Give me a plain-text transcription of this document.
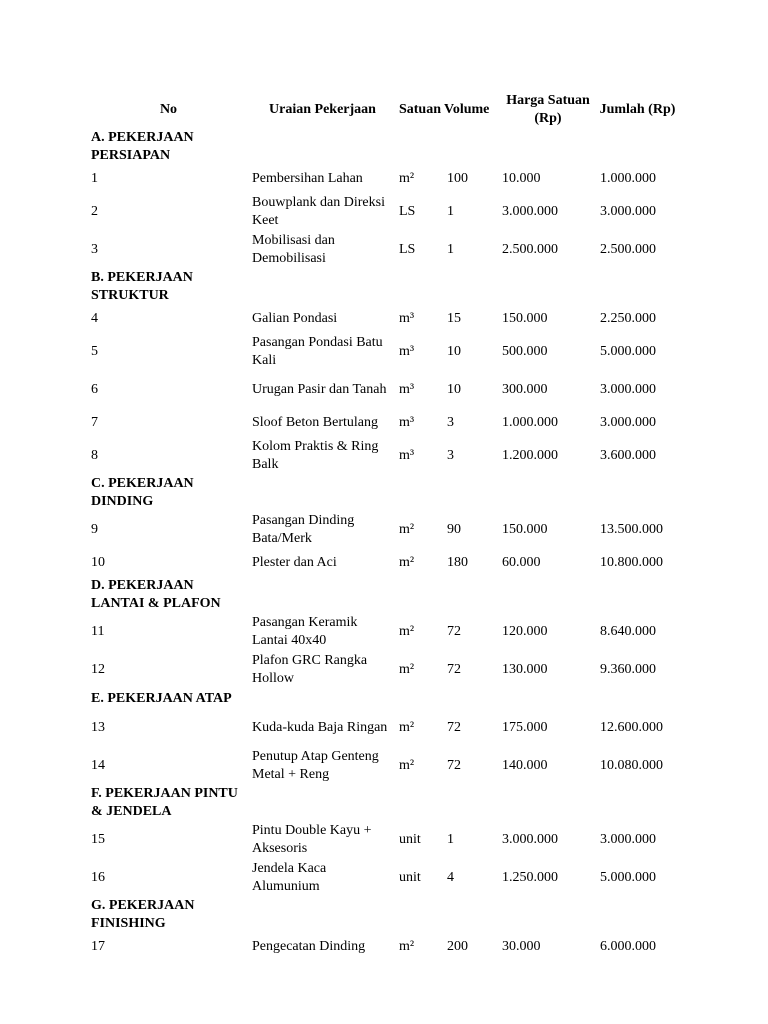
No	Uraian Pekerjaan	Satuan	Volume	Harga Satuan (Rp)	Jumlah (Rp)
A. PEKERJAAN PERSIAPAN					
1	Pembersihan Lahan	m²	100	10.000	1.000.000
2	Bouwplank dan Direksi Keet	LS	1	3.000.000	3.000.000
3	Mobilisasi dan Demobilisasi	LS	1	2.500.000	2.500.000
B. PEKERJAAN STRUKTUR					
4	Galian Pondasi	m³	15	150.000	2.250.000
5	Pasangan Pondasi Batu Kali	m³	10	500.000	5.000.000
6	Urugan Pasir dan Tanah	m³	10	300.000	3.000.000
7	Sloof Beton Bertulang	m³	3	1.000.000	3.000.000
8	Kolom Praktis & Ring Balk	m³	3	1.200.000	3.600.000
C. PEKERJAAN DINDING					
9	Pasangan Dinding Bata/Merk	m²	90	150.000	13.500.000
10	Plester dan Aci	m²	180	60.000	10.800.000
D. PEKERJAAN LANTAI & PLAFON					
11	Pasangan Keramik Lantai 40x40	m²	72	120.000	8.640.000
12	Plafon GRC Rangka Hollow	m²	72	130.000	9.360.000
E. PEKERJAAN ATAP					
13	Kuda-kuda Baja Ringan	m²	72	175.000	12.600.000
14	Penutup Atap Genteng Metal + Reng	m²	72	140.000	10.080.000
F. PEKERJAAN PINTU & JENDELA					
15	Pintu Double Kayu + Aksesoris	unit	1	3.000.000	3.000.000
16	Jendela Kaca Alumunium	unit	4	1.250.000	5.000.000
G. PEKERJAAN FINISHING					
17	Pengecatan Dinding	m²	200	30.000	6.000.000
